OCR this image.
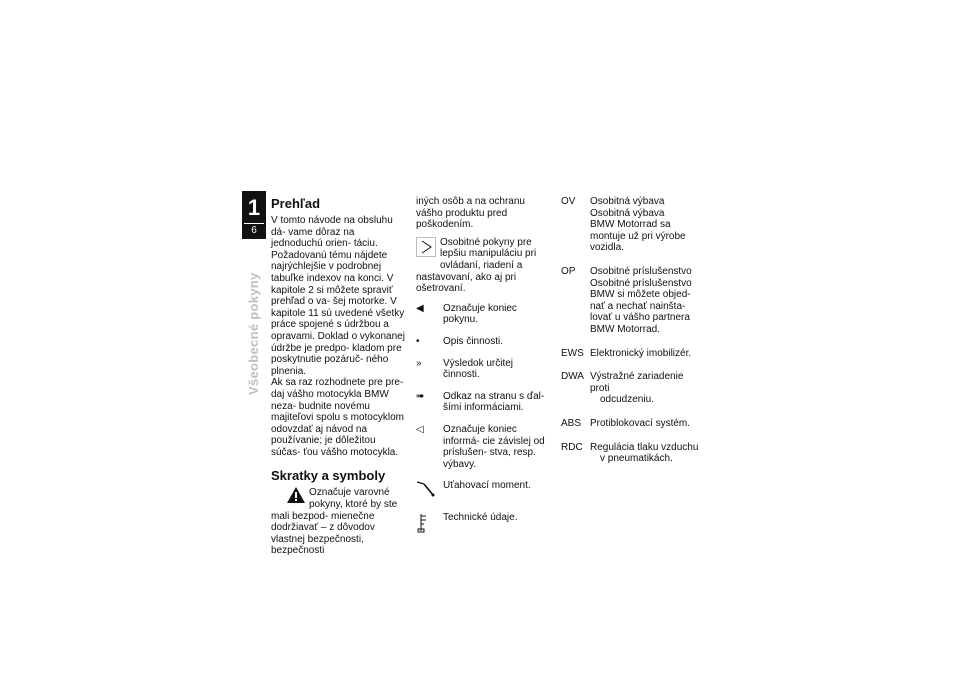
1
6
Všeobecné pokyny
Prehľad

V tomto návode na obsluhu dá- vame dôraz na jednoduchú orien- táciu. Požadovanú tému nájdete najrýchlejšie v podrobnej tabuľke indexov na konci. V kapitole 2 si môžete spraviť prehľad o va- šej motorke. V kapitole 11 sú uvedené všetky práce spojené s údržbou a opravami. Doklad o vykonanej údržbe je predpo- kladom pre poskytnutie pozáruč- ného plnenia.

Ak sa raz rozhodnete pre pre- daj vášho motocykla BMW neza- budnite novému majiteľovi spolu s motocyklom odovzdať aj návod na používanie; je dôležitou súčas- ťou vášho motocykla.

Skratky a symboly
Označuje varovné pokyny, ktoré by ste mali bezpod- mienečne dodržiavať – z dôvodov vlastnej bezpečnosti, bezpečnosti

iných osôb a na ochranu vášho produktu pred poškodením.

Osobitné pokyny pre lepšiu manipuláciu pri ovládaní, riadení a nastavovaní, ako aj pri ošetrovaní.
◀	Označuje koniec pokynu.
•	Opis činnosti.
»	Výsledok určitej činnosti.
➠	Odkaz na stranu s ďal- šími informáciami.
◁	Označuje koniec informá- cie závislej od príslušen- stva, resp. výbavy.
Uťahovací moment.
Technické údaje.
OV	Osobitná výbava
Osobitná výbava
BMW Motorrad sa
montuje už pri výrobe
vozidla.
OP	Osobitné príslušenstvo
Osobitné príslušenstvo
BMW si môžete objed-
nať a nechať nainšta-
lovať u vášho partnera
BMW Motorrad.
EWS Elektronický imobilizér.
DWA Výstražné zariadenie proti
odcudzeniu.
ABS Protiblokovací systém.
RDC Regulácia tlaku vzduchu
v pneumatikách.
